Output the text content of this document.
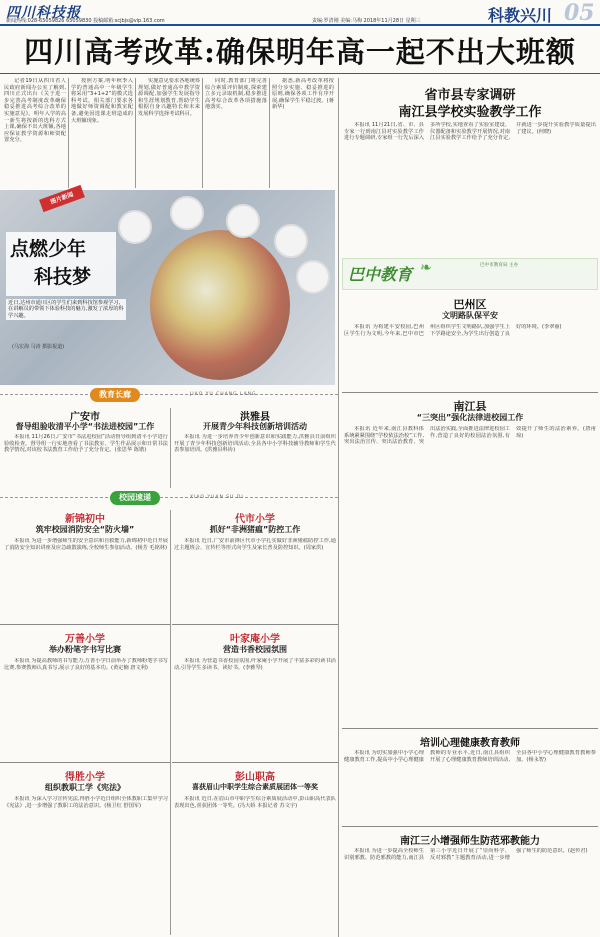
四川科技报
新闻热线:028-65059826 65059830 投稿邮箱:scjbjs@vip.163.com	责编:罗清刚 美编:马梅 2018年11月28日 星期三	科教兴川 05
四川高考改革:确保明年高一起不出大班额

记者19日从四川省人民政府新闻办公室了解到,四川正式出台《关于进一步完善高考制度改革确保稳妥推进高考综合改革的实施意见》。明年入学的高一新生将按新的选科方式上课,确保不出大班额,各地应保证教学资源和师资配置充分。

按照方案,明年秋季入学的普通高中一年级学生将采用“3+1+2”的模式选科考试。相关部门要求各地做好师资调配和教室配备,避免因选课走班造成的大班额现象。

实施意见要求各地统筹规划,做好普通高中教学资源调配,加强学生发展指导和生涯规划教育,帮助学生根据自身兴趣特长和未来发展科学选择考试科目。

同时,教育部门将完善综合素质评价制度,探索建立多元录取机制,稳步推进高考综合改革各项措施落地落实。

据悉,新高考改革将按照分步实施、稳妥推进的原则,确保各项工作有序开展,确保学生平稳过渡。(蒋新华)

图片新闻
点燃少年
科技梦
近日,达州市通川区的学生们来到科技馆参观学习,在讲解员的带领下体验科技的魅力,激发了浓厚的科学兴趣。
(马宏海 马涛 摄影报道)
教育长廊	JIAO YU CHANG LANG
广安市
督导组验收清平小学“书法进校园”工作

本报讯 11月26日,广安市“书法进校园”活动督导组到清平小学进行验收检查。督导组一行实地查看了书法教室、学生作品展示和日常书法教学情况,对该校书法教育工作给予了充分肯定。(张思华 陈锴)

洪雅县
开展青少年科技创新培训活动

本报讯 为进一步培养青少年创新意识和实践能力,洪雅县日前组织开展了青少年科技创新培训活动,全县各中小学科技辅导教师和学生代表参加培训。(洪雅县科协)

校园速递	XIAO YUAN SU DI
新锦初中
筑牢校园消防安全“防火墙”

本报讯 为进一步增强师生的安全意识和自救能力,新锦初中近日开展了消防安全知识讲座及应急疏散演练,全校师生参加活动。(杨芳 毛铭林)

代市小学
抓好“非洲猪瘟”防控工作

本报讯 近日,广安市前锋区代市小学扎实做好非洲猪瘟防控工作,通过主题班会、宣传栏等形式向学生及家长普及防控知识。(周家洪)

万善小学
举办粉笔字书写比赛

本报讯 为提高教师的书写能力,万善小学日前举办了教师粉笔字书写比赛,参赛教师认真书写,展示了良好的基本功。(黄定楠 唐文利)

叶家庵小学
营造书香校园氛围

本报讯 为营造书香校园氛围,叶家庵小学开展了丰富多彩的读书活动,引导学生多读书、读好书。(李雅琴)

得胜小学
组织教职工学《宪法》

本报讯 为深入学习宣传宪法,得胜小学近日组织全体教职工集中学习《宪法》,进一步增强了教职工的法治意识。(杨卫红 舒国军)

彭山职高
喜获眉山中职学生综合素质展团体一等奖

本报讯 近日,在眉山市中职学生综合素质展活动中,彭山职高代表队表现出色,喜获团体一等奖。(冯大娇 本报记者 苏文宇)

省市县专家调研
南江县学校实验教学工作

本报讯 11月21日,省、市、县专家一行到南江县对实验教学工作进行专题调研,专家组一行先后深入多所学校,实地查看了实验室建设、仪器配备和实验教学开展情况,对南江县实验教学工作给予了充分肯定,并就进一步提升实验教学质量提出了建议。(何晓)

巴中教育 ❧	巴中市教育局 主办
巴州区
文明路队保平安

本报讯 为构建平安校园,巴州区学生行为文明,今年来,巴中市巴州区组织学生文明路队,加强学生上下学路途安全,为学生出行创造了良好的环境。(李翠丽)

南江县
“三突出”强化法律进校园工作

本报讯 近年来,南江县教科体系统紧紧围绕“学校依法治校”工作,突出法治宣传、突出法治教育、突出法治实践,全面推进法律进校园工作,营造了良好的校园法治氛围,有效提升了师生的法治素养。(唐甫琼)

培训心理健康教育教师

本报讯 为切实加强中小学心理健康教育工作,提高中小学心理健康教师的专业水平,近日,南江县组织开展了心理健康教育教师培训活动,全县各中小学心理健康教育教师参加。(杨永智)

南江三小增强师生防范邪教能力

本报讯 为进一步提高全校师生识别邪教、防范邪教的能力,南江县第三小学近日开展了“崇尚科学、反对邪教”主题教育活动,进一步增强了师生的防范意识。(赵传君)
